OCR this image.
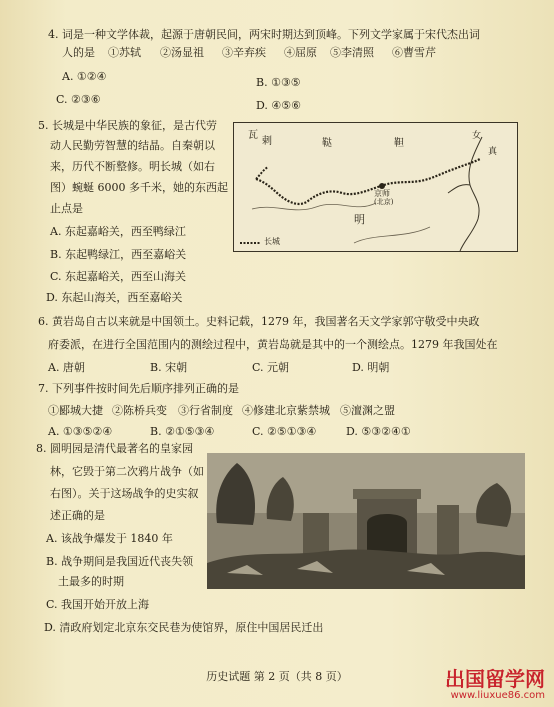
4. 词是一种文学体裁，起源于唐朝民间，两宋时期达到顶峰。下列文学家属于宋代杰出词
人的是 ①苏轼 ②汤显祖 ③辛弃疾 ④屈原 ⑤李清照 ⑥曹雪芹
A. ①②④	B. ①③⑤
C. ②③⑥	D. ④⑤⑥
5. 长城是中华民族的象征，是古代劳
动人民勤劳智慧的结晶。自秦朝以
来，历代不断整修。明长城（如右
图）蜿蜒 6000 多千米，她的东西起
止点是
A. 东起嘉峪关，西至鸭绿江
B. 东起鸭绿江，西至嘉峪关
C. 东起嘉峪关，西至山海关
D. 东起山海关，西至嘉峪关
瓦
剌	鞑	靼
女
真
京师
(北京)
明
长城
6. 黄岩岛自古以来就是中国领土。史料记载，1279 年，我国著名天文学家郭守敬受中央政
府委派，在进行全国范围内的测绘过程中，黄岩岛就是其中的一个测绘点。1279 年我国处在
A. 唐朝	B. 宋朝	C. 元朝	D. 明朝
7. 下列事件按时间先后顺序排列正确的是
①郾城大捷 ②陈桥兵变 ③行省制度 ④修建北京紫禁城 ⑤澶渊之盟
A. ①③⑤②④	B. ②①⑤③④	C. ②⑤①③④	D. ⑤③②④①
8. 圆明园是清代最著名的皇家园
林，它毁于第二次鸦片战争（如
右图）。关于这场战争的史实叙
述正确的是
A. 该战争爆发于 1840 年
B. 战争期间是我国近代丧失领
土最多的时期
C. 我国开始开放上海
D. 清政府划定北京东交民巷为使馆界，原住中国居民迁出
历史试题 第 2 页（共 8 页）	出国留学网
www.liuxue86.com
